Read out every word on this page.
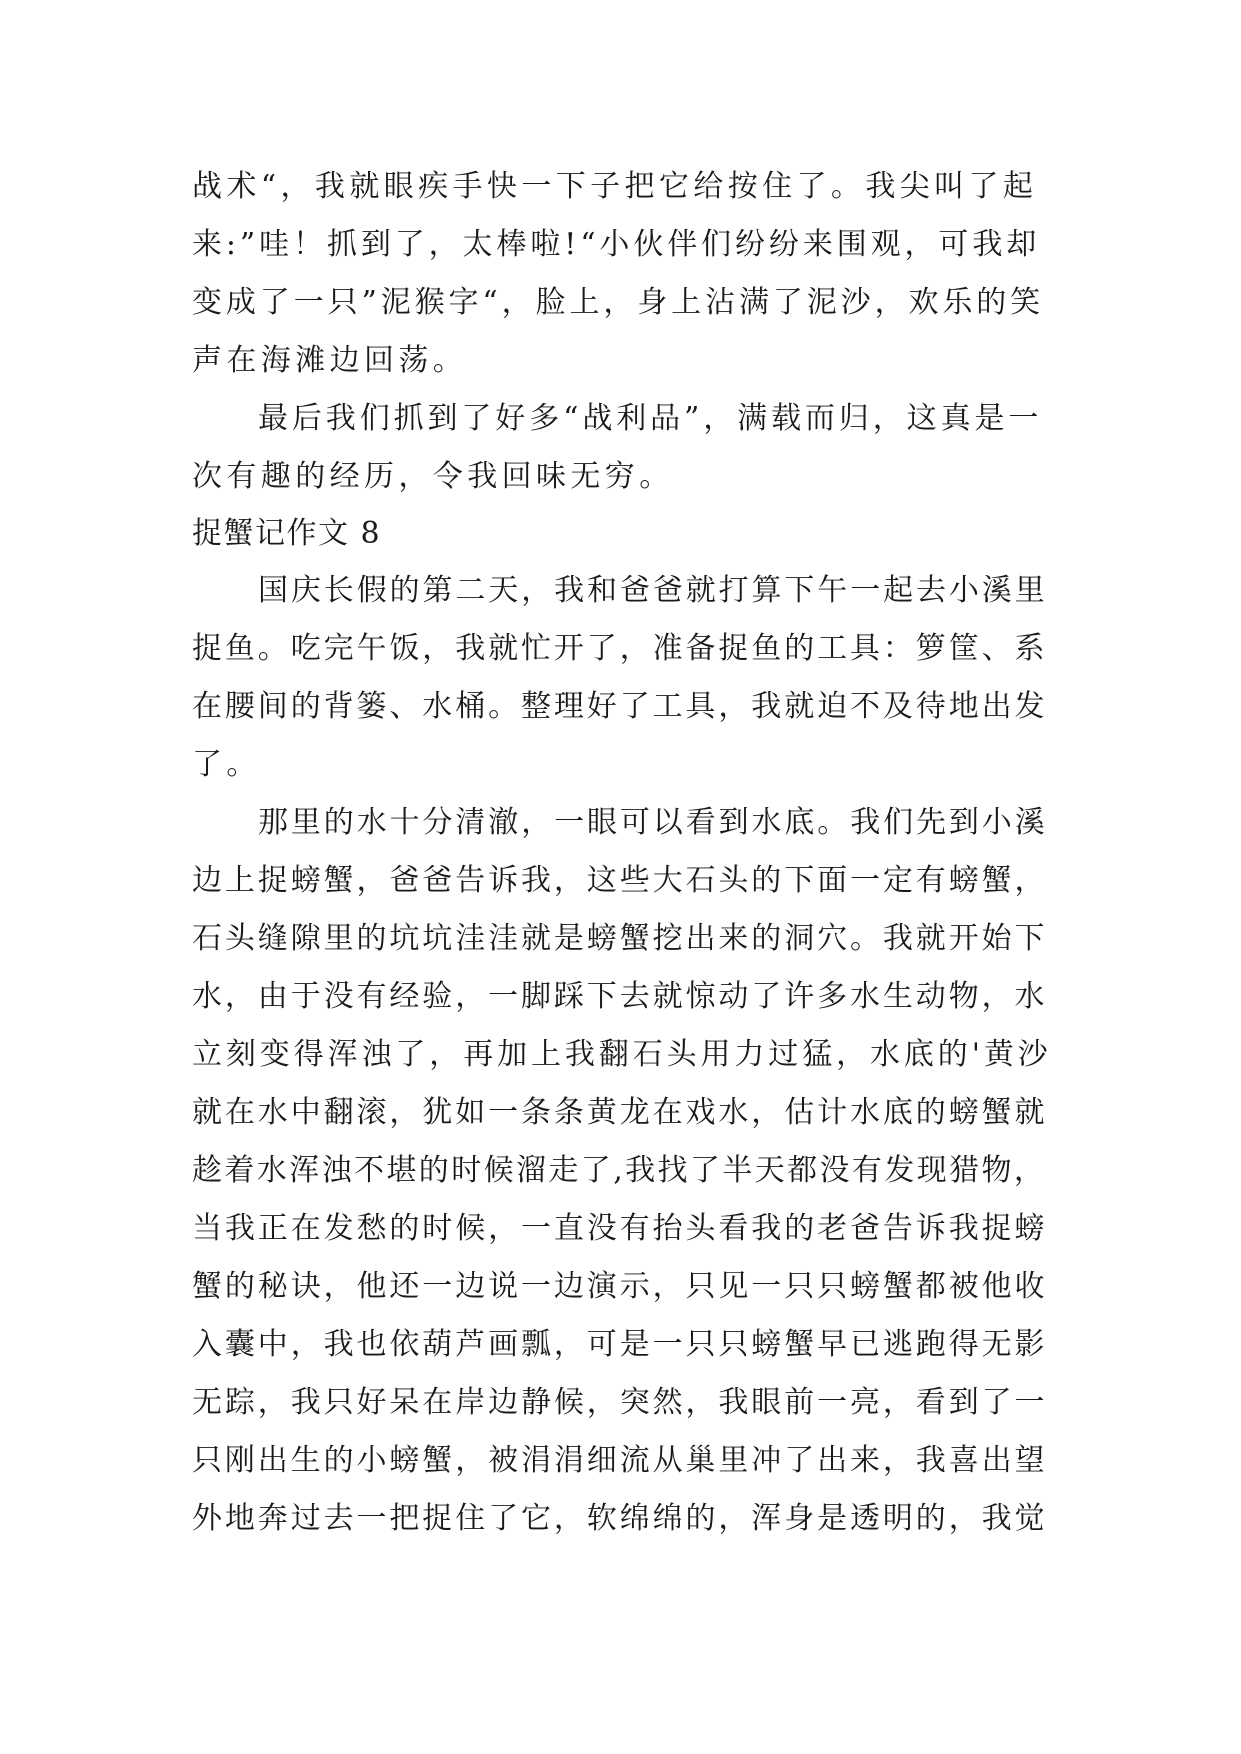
战术“，我就眼疾手快一下子把它给按住了。我尖叫了起
来:”哇！抓到了，太棒啦!“小伙伴们纷纷来围观，可我却
变成了一只”泥猴字“，脸上，身上沾满了泥沙，欢乐的笑
声在海滩边回荡。
最后我们抓到了好多“战利品”，满载而归，这真是一
次有趣的经历，令我回味无穷。
捉蟹记作文 8
国庆长假的第二天，我和爸爸就打算下午一起去小溪里
捉鱼。吃完午饭，我就忙开了，准备捉鱼的工具：箩筐、系
在腰间的背篓、水桶。整理好了工具，我就迫不及待地出发
了。
那里的水十分清澈，一眼可以看到水底。我们先到小溪
边上捉螃蟹，爸爸告诉我，这些大石头的下面一定有螃蟹，
石头缝隙里的坑坑洼洼就是螃蟹挖出来的洞穴。我就开始下
水，由于没有经验，一脚踩下去就惊动了许多水生动物，水
立刻变得浑浊了，再加上我翻石头用力过猛，水底的'黄沙
就在水中翻滚，犹如一条条黄龙在戏水，估计水底的螃蟹就
趁着水浑浊不堪的时候溜走了,我找了半天都没有发现猎物，
当我正在发愁的时候，一直没有抬头看我的老爸告诉我捉螃
蟹的秘诀，他还一边说一边演示，只见一只只螃蟹都被他收
入囊中，我也依葫芦画瓢，可是一只只螃蟹早已逃跑得无影
无踪，我只好呆在岸边静候，突然，我眼前一亮，看到了一
只刚出生的小螃蟹，被涓涓细流从巢里冲了出来，我喜出望
外地奔过去一把捉住了它，软绵绵的，浑身是透明的，我觉
